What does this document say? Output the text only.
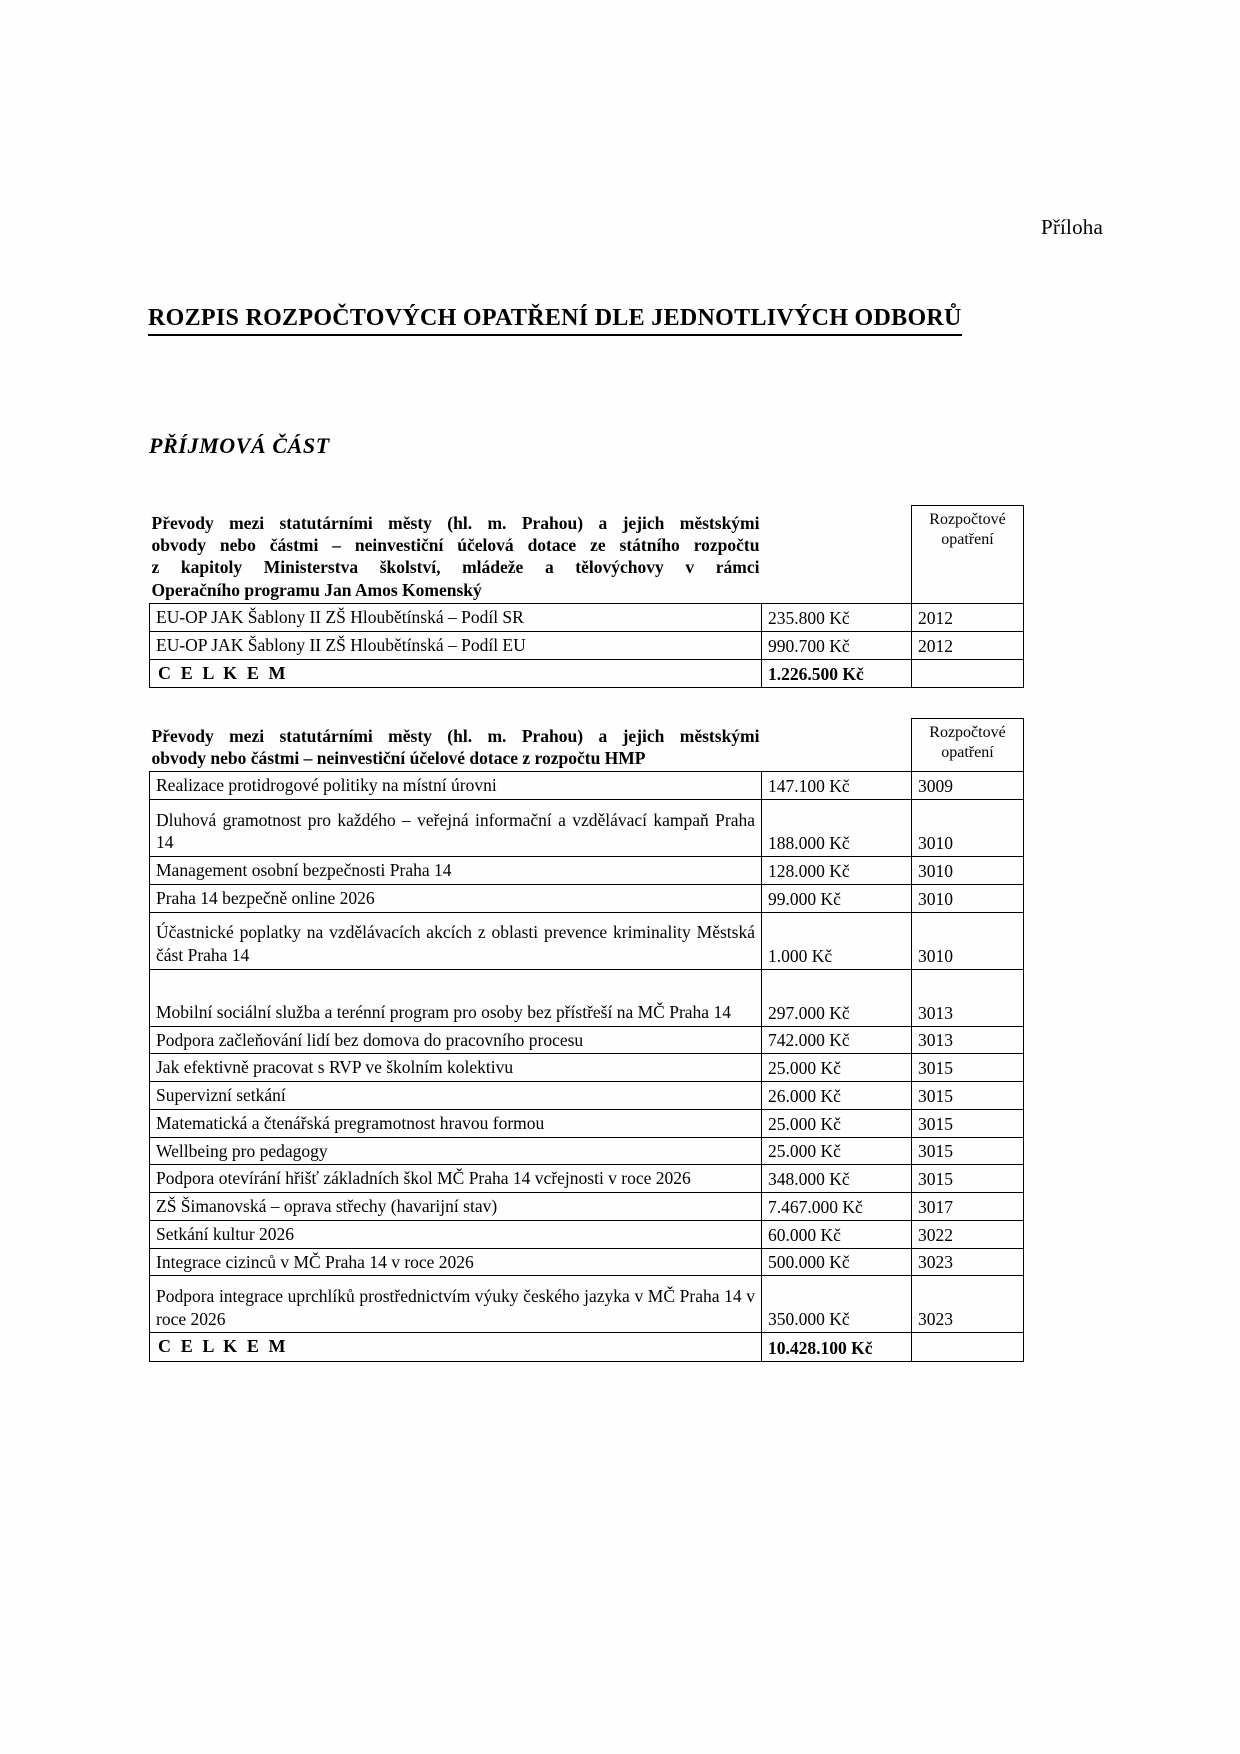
Příloha
ROZPIS ROZPOČTOVÝCH OPATŘENÍ DLE JEDNOTLIVÝCH ODBORŮ
PŘÍJMOVÁ ČÁST
Převody mezi statutárními městy (hl. m. Prahou) a jejich městskými
obvody nebo částmi – neinvestiční účelová dotace ze státního rozpočtu
z kapitoly Ministerstva školství, mládeže a tělovýchovy v rámci
Operačního programu Jan Amos Komenský

Rozpočtové
opatření

EU-OP JAK Šablony II ZŠ Hloubětínská – Podíl SR	235.800 Kč	2012
EU-OP JAK Šablony II ZŠ Hloubětínská – Podíl EU	990.700 Kč	2012
C E L K E M	1.226.500 Kč	
Převody mezi statutárními městy (hl. m. Prahou) a jejich městskými
obvody nebo částmi – neinvestiční účelové dotace z rozpočtu HMP

Rozpočtové
opatření

Realizace protidrogové politiky na místní úrovni	147.100 Kč	3009
Dluhová gramotnost pro každého – veřejná informační a vzdělávací kampaň Praha 14	188.000 Kč	3010
Management osobní bezpečnosti Praha 14	128.000 Kč	3010
Praha 14 bezpečně online 2026	99.000 Kč	3010
Účastnické poplatky na vzdělávacích akcích z oblasti prevence kriminality Městská část Praha 14	1.000 Kč	3010
Mobilní sociální služba a terénní program pro osoby bez přístřeší na MČ Praha 14	297.000 Kč	3013
Podpora začleňování lidí bez domova do pracovního procesu	742.000 Kč	3013
Jak efektivně pracovat s RVP ve školním kolektivu	25.000 Kč	3015
Supervizní setkání	26.000 Kč	3015
Matematická a čtenářská pregramotnost hravou formou	25.000 Kč	3015
Wellbeing pro pedagogy	25.000 Kč	3015
Podpora otevírání hřišť základních škol MČ Praha 14 vcřejnosti v roce 2026	348.000 Kč	3015
ZŠ Šimanovská – oprava střechy (havarijní stav)	7.467.000 Kč	3017
Setkání kultur 2026	60.000 Kč	3022
Integrace cizinců v MČ Praha 14 v roce 2026	500.000 Kč	3023
Podpora integrace uprchlíků prostřednictvím výuky českého jazyka v MČ Praha 14 v roce 2026	350.000 Kč	3023
C E L K E M	10.428.100 Kč	
